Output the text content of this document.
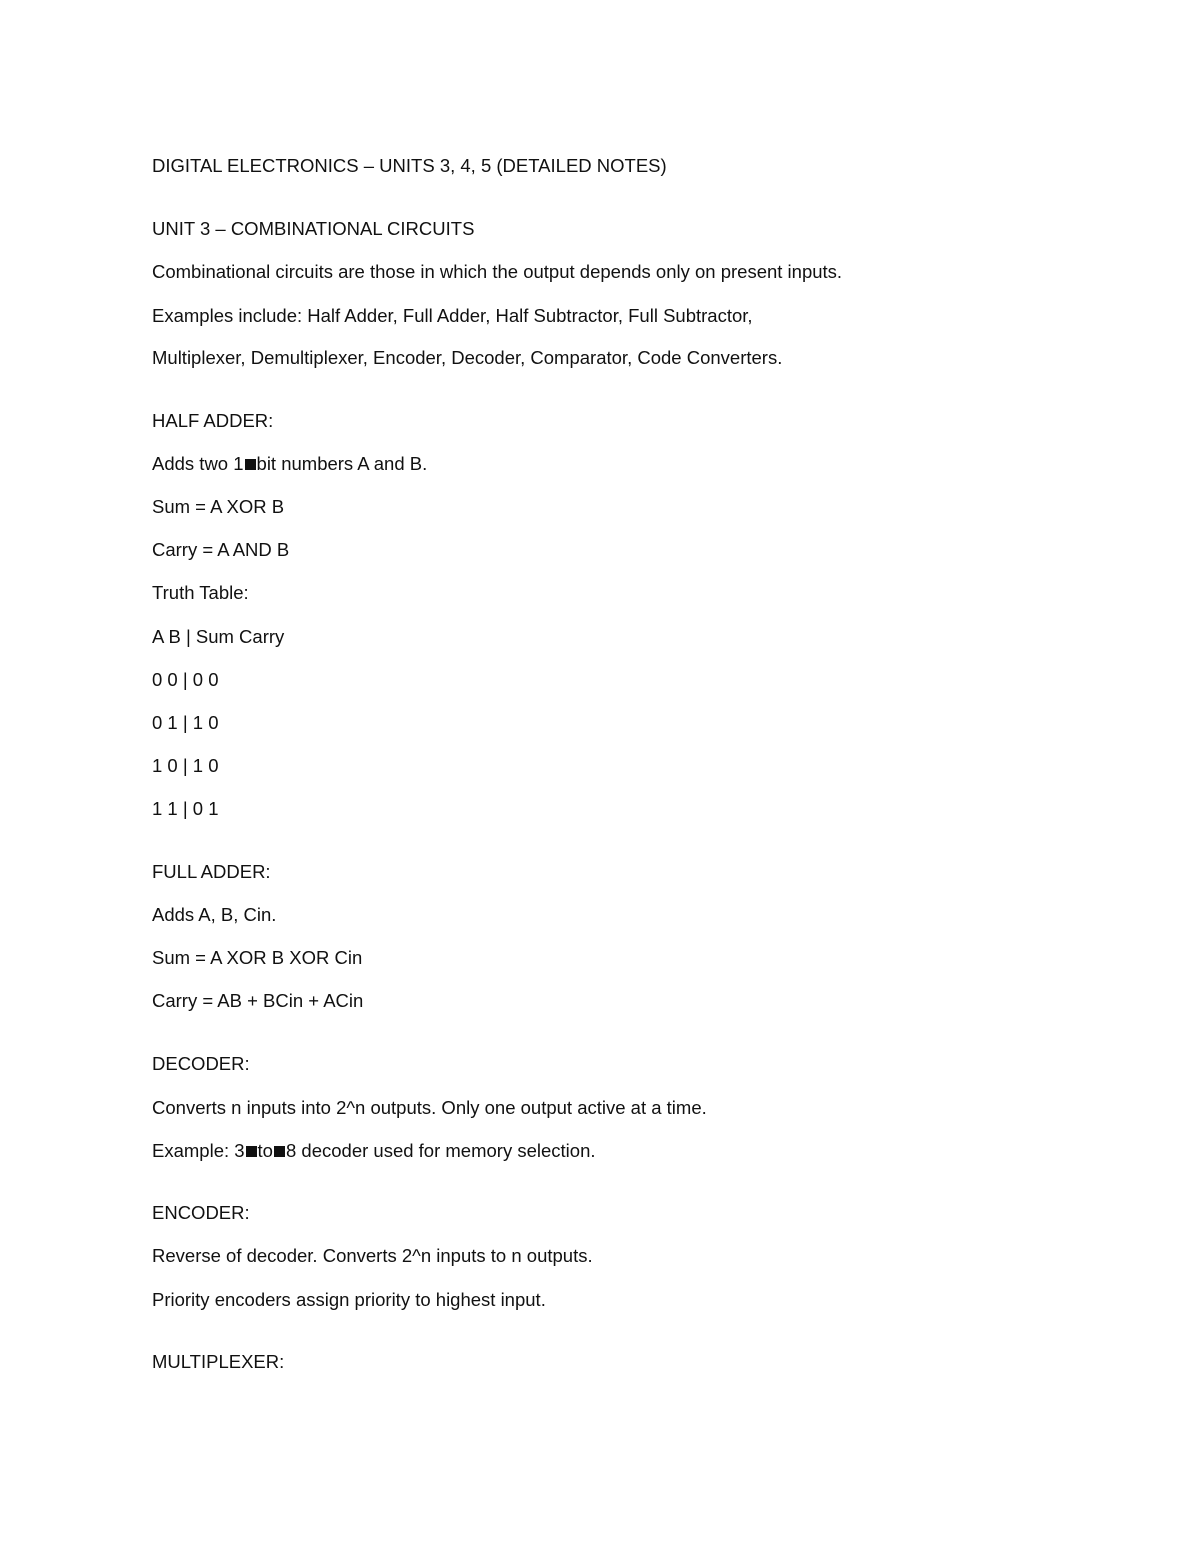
DIGITAL ELECTRONICS – UNITS 3, 4, 5 (DETAILED NOTES)

UNIT 3 – COMBINATIONAL CIRCUITS

Combinational circuits are those in which the output depends only on present inputs.

Examples include: Half Adder, Full Adder, Half Subtractor, Full Subtractor,

Multiplexer, Demultiplexer, Encoder, Decoder, Comparator, Code Converters.

HALF ADDER:

Adds two 1 bit numbers A and B.

Sum = A XOR B

Carry = A AND B

Truth Table:

A B | Sum Carry

0 0 | 0 0

0 1 | 1 0

1 0 | 1 0

1 1 | 0 1

FULL ADDER:

Adds A, B, Cin.

Sum = A XOR B XOR Cin

Carry = AB + BCin + ACin

DECODER:

Converts n inputs into 2^n outputs. Only one output active at a time.

Example: 3 to 8 decoder used for memory selection.

ENCODER:

Reverse of decoder. Converts 2^n inputs to n outputs.

Priority encoders assign priority to highest input.

MULTIPLEXER:
